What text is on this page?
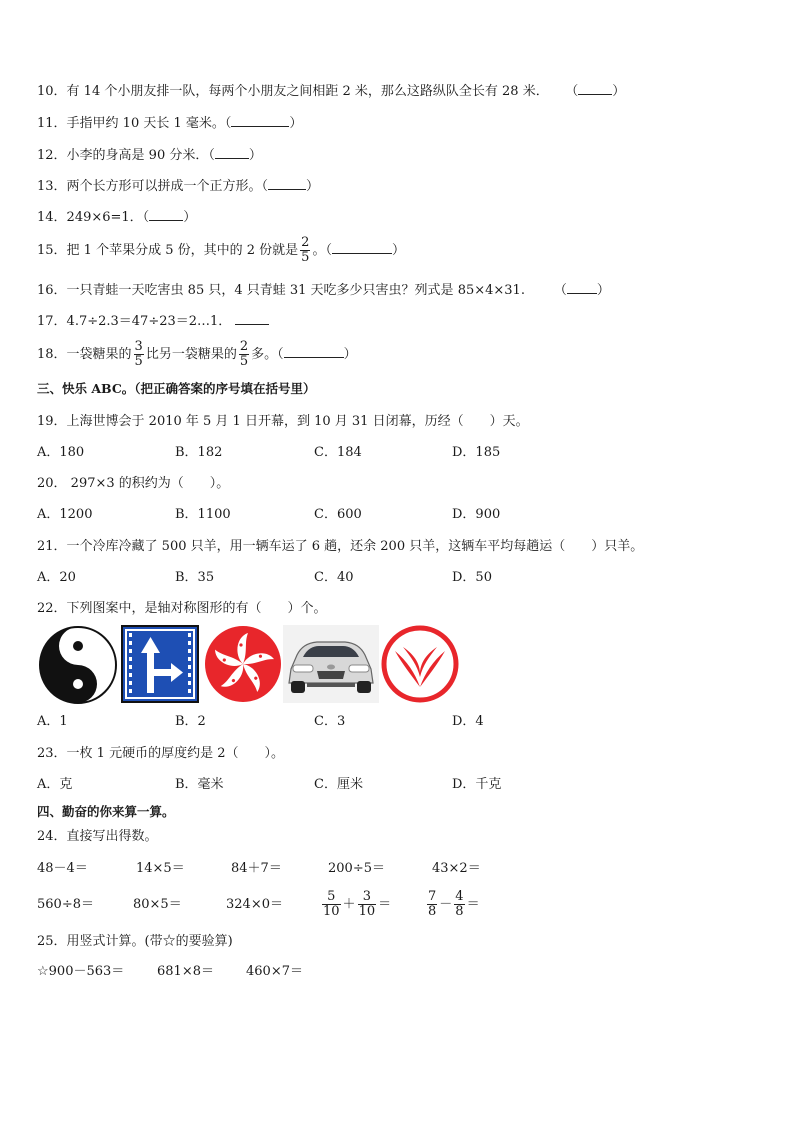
10．有 14 个小朋友排一队，每两个小朋友之间相距 2 米，那么这路纵队全长有 28 米． （	）
11．手指甲约 10 天长 1 毫米。（	）
12．小李的身高是 90 分米．（	）
13．两个长方形可以拼成一个正方形。（	）
14．249×6=1．（	）
15．把 1 个苹果分成 5 份，其中的 2 份就是 $\frac{2}{5}$ 。（	）
16．一只青蛙一天吃害虫 85 只，4 只青蛙 31 天吃多少只害虫？列式是 85×4×31. （ ）
17．4.7÷2.3＝47÷23＝2…1．
18．一袋糖果的 $\frac{3}{5}$ 比另一袋糖果的 $\frac{2}{5}$ 多。（	）
三、快乐 ABC。（把正确答案的序号填在括号里）
19．上海世博会于 2010 年 5 月 1 日开幕，到 10 月 31 日闭幕，历经（　　）天。
A．180	B．182	C．184	D．185
20． 297×3 的积约为（　　）。
A．1200	B．1100	C．600	D．900
21．一个冷库冷藏了 500 只羊，用一辆车运了 6 趟，还余 200 只羊，这辆车平均每趟运（　　）只羊。
A．20	B．35	C．40	D．50
22．下列图案中，是轴对称图形的有（　　）个。
A．1	B．2	C．3	D．4
23．一枚 1 元硬币的厚度约是 2（　　）。
A．克	B．毫米	C．厘米	D．千克
四、勤奋的你来算一算。
24．直接写出得数。
48－4＝	14×5＝	84＋7＝	200÷5＝	43×2＝
560÷8＝	80×5＝	324×0＝	$\frac{5}{10} + \frac{3}{10}$ ＝	$\frac{7}{8} - \frac{4}{8}$ ＝
25．用竖式计算。(带☆的要验算)
☆900－563＝	681×8＝ 460×7＝
